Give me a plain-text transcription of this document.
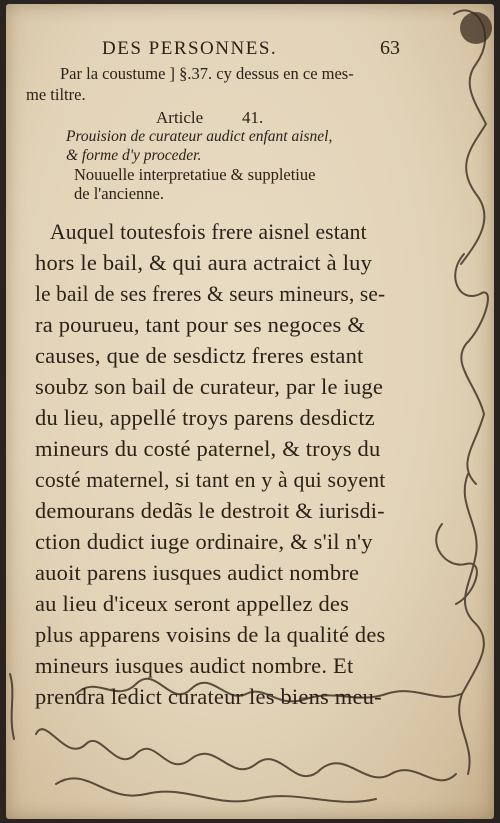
DES PERSONNES.	63
Par la coustume ] §.37. cy dessus en ce mes-
me tiltre.
Article 41.
Prouision de curateur audict enfant aisnel,
& forme d'y proceder.
Nouuelle interpretatiue & suppletiue
de l'ancienne.
Auquel toutesfois frere aisnel estant
hors le bail, & qui aura actraict à luy
le bail de ses freres & seurs mineurs, se-
ra pourueu, tant pour ses negoces &
causes, que de sesdictz freres estant
soubz son bail de curateur, par le iuge
du lieu, appellé troys parens desdictz
mineurs du costé paternel, & troys du
costé maternel, si tant en y à qui soyent
demourans dedãs le destroit & iurisdi-
ction dudict iuge ordinaire, & s'il n'y
auoit parens iusques audict nombre
au lieu d'iceux seront appellez des
plus apparens voisins de la qualité des
mineurs iusques audict nombre. Et
prendra ledict curateur les biens meu-
